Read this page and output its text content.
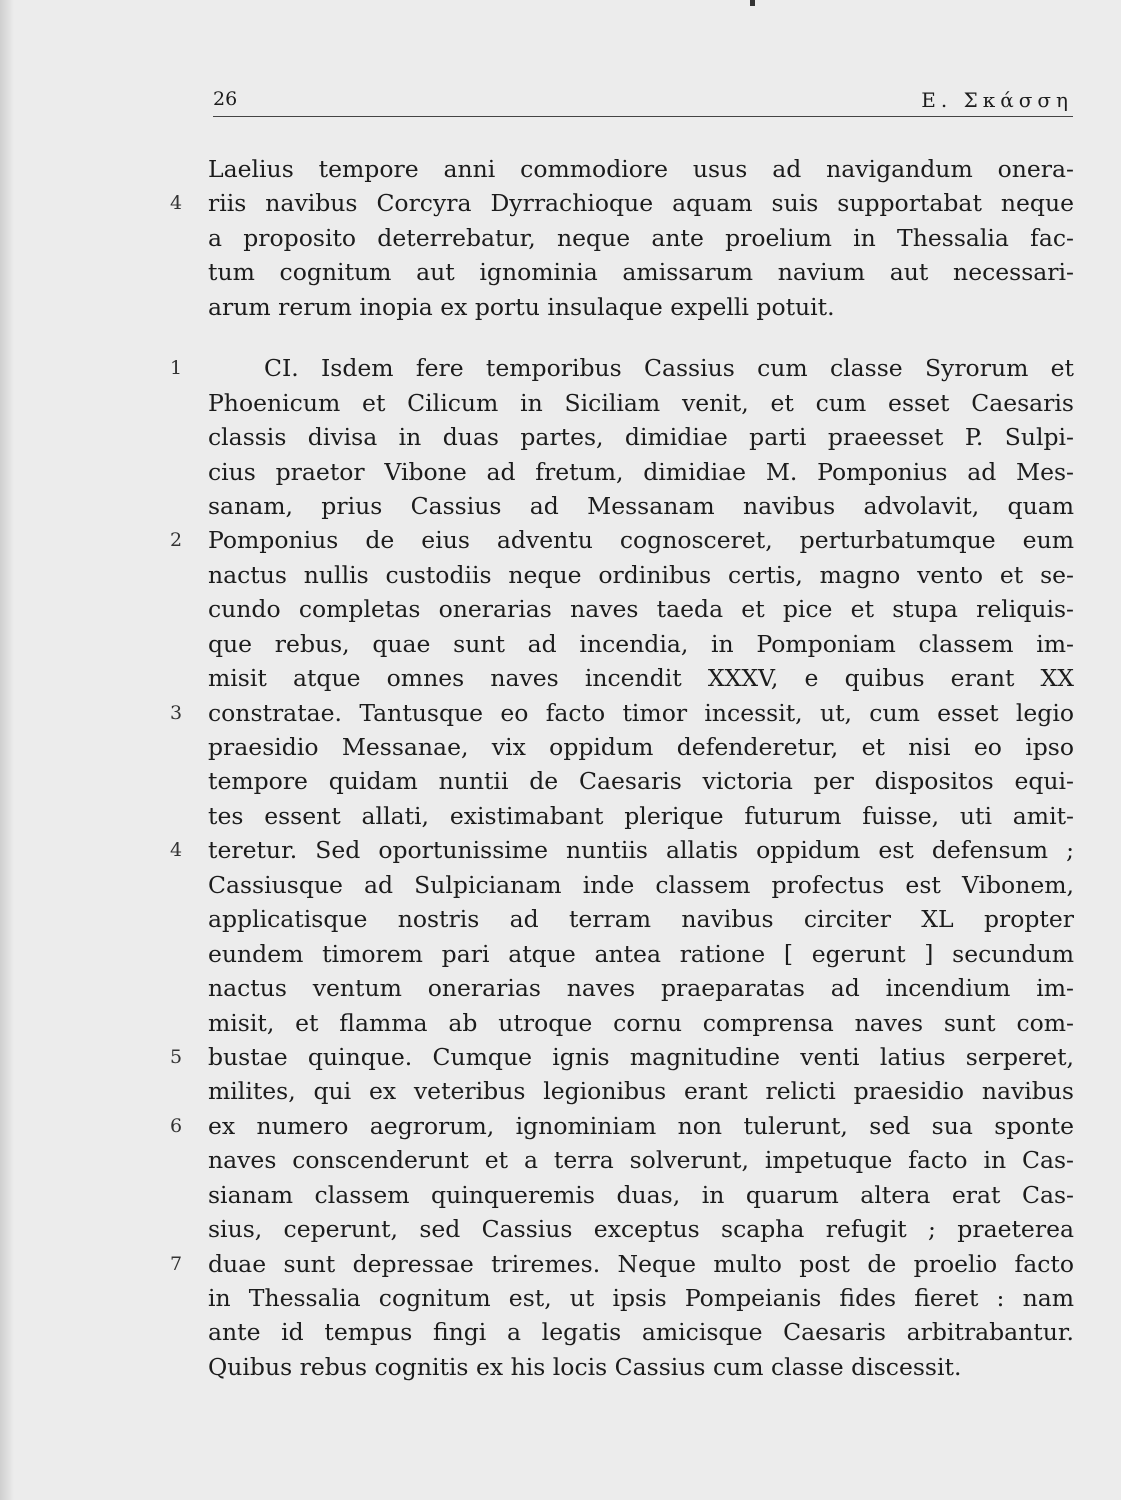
26	Ε. Σκάσση
Laelius tempore anni commodiore usus ad navigandum onera-
4 riis navibus Corcyra Dyrrachioque aquam suis supportabat neque
a proposito deterrebatur, neque ante proelium in Thessalia fac-
tum cognitum aut ignominia amissarum navium aut necessari-
arum rerum inopia ex portu insulaque expelli potuit.
1	CI. Isdem fere temporibus Cassius cum classe Syrorum et
Phoenicum et Cilicum in Siciliam venit, et cum esset Caesaris
classis divisa in duas partes, dimidiae parti praeesset P. Sulpi-
cius praetor Vibone ad fretum, dimidiae M. Pomponius ad Mes-
sanam, prius Cassius ad Messanam navibus advolavit, quam
2 Pomponius de eius adventu cognosceret, perturbatumque eum
nactus nullis custodiis neque ordinibus certis, magno vento et se-
cundo completas onerarias naves taeda et pice et stupa reliquis-
que rebus, quae sunt ad incendia, in Pomponiam classem im-
misit atque omnes naves incendit XXXV, e quibus erant XX
3 constratae. Tantusque eo facto timor incessit, ut, cum esset legio
praesidio Messanae, vix oppidum defenderetur, et nisi eo ipso
tempore quidam nuntii de Caesaris victoria per dispositos equi-
tes essent allati, existimabant plerique futurum fuisse, uti amit-
4 teretur. Sed oportunissime nuntiis allatis oppidum est defensum ;
Cassiusque ad Sulpicianam inde classem profectus est Vibonem,
applicatisque nostris ad terram navibus circiter XL propter
eundem timorem pari atque antea ratione [ egerunt ] secundum
nactus ventum onerarias naves praeparatas ad incendium im-
misit, et flamma ab utroque cornu comprensa naves sunt com-
5 bustae quinque. Cumque ignis magnitudine venti latius serperet,
milites, qui ex veteribus legionibus erant relicti praesidio navibus
6 ex numero aegrorum, ignominiam non tulerunt, sed sua sponte
naves conscenderunt et a terra solverunt, impetuque facto in Cas-
sianam classem quinqueremis duas, in quarum altera erat Cas-
sius, ceperunt, sed Cassius exceptus scapha refugit ; praeterea
7 duae sunt depressae triremes. Neque multo post de proelio facto
in Thessalia cognitum est, ut ipsis Pompeianis fides fieret : nam
ante id tempus fingi a legatis amicisque Caesaris arbitrabantur.
Quibus rebus cognitis ex his locis Cassius cum classe discessit.
